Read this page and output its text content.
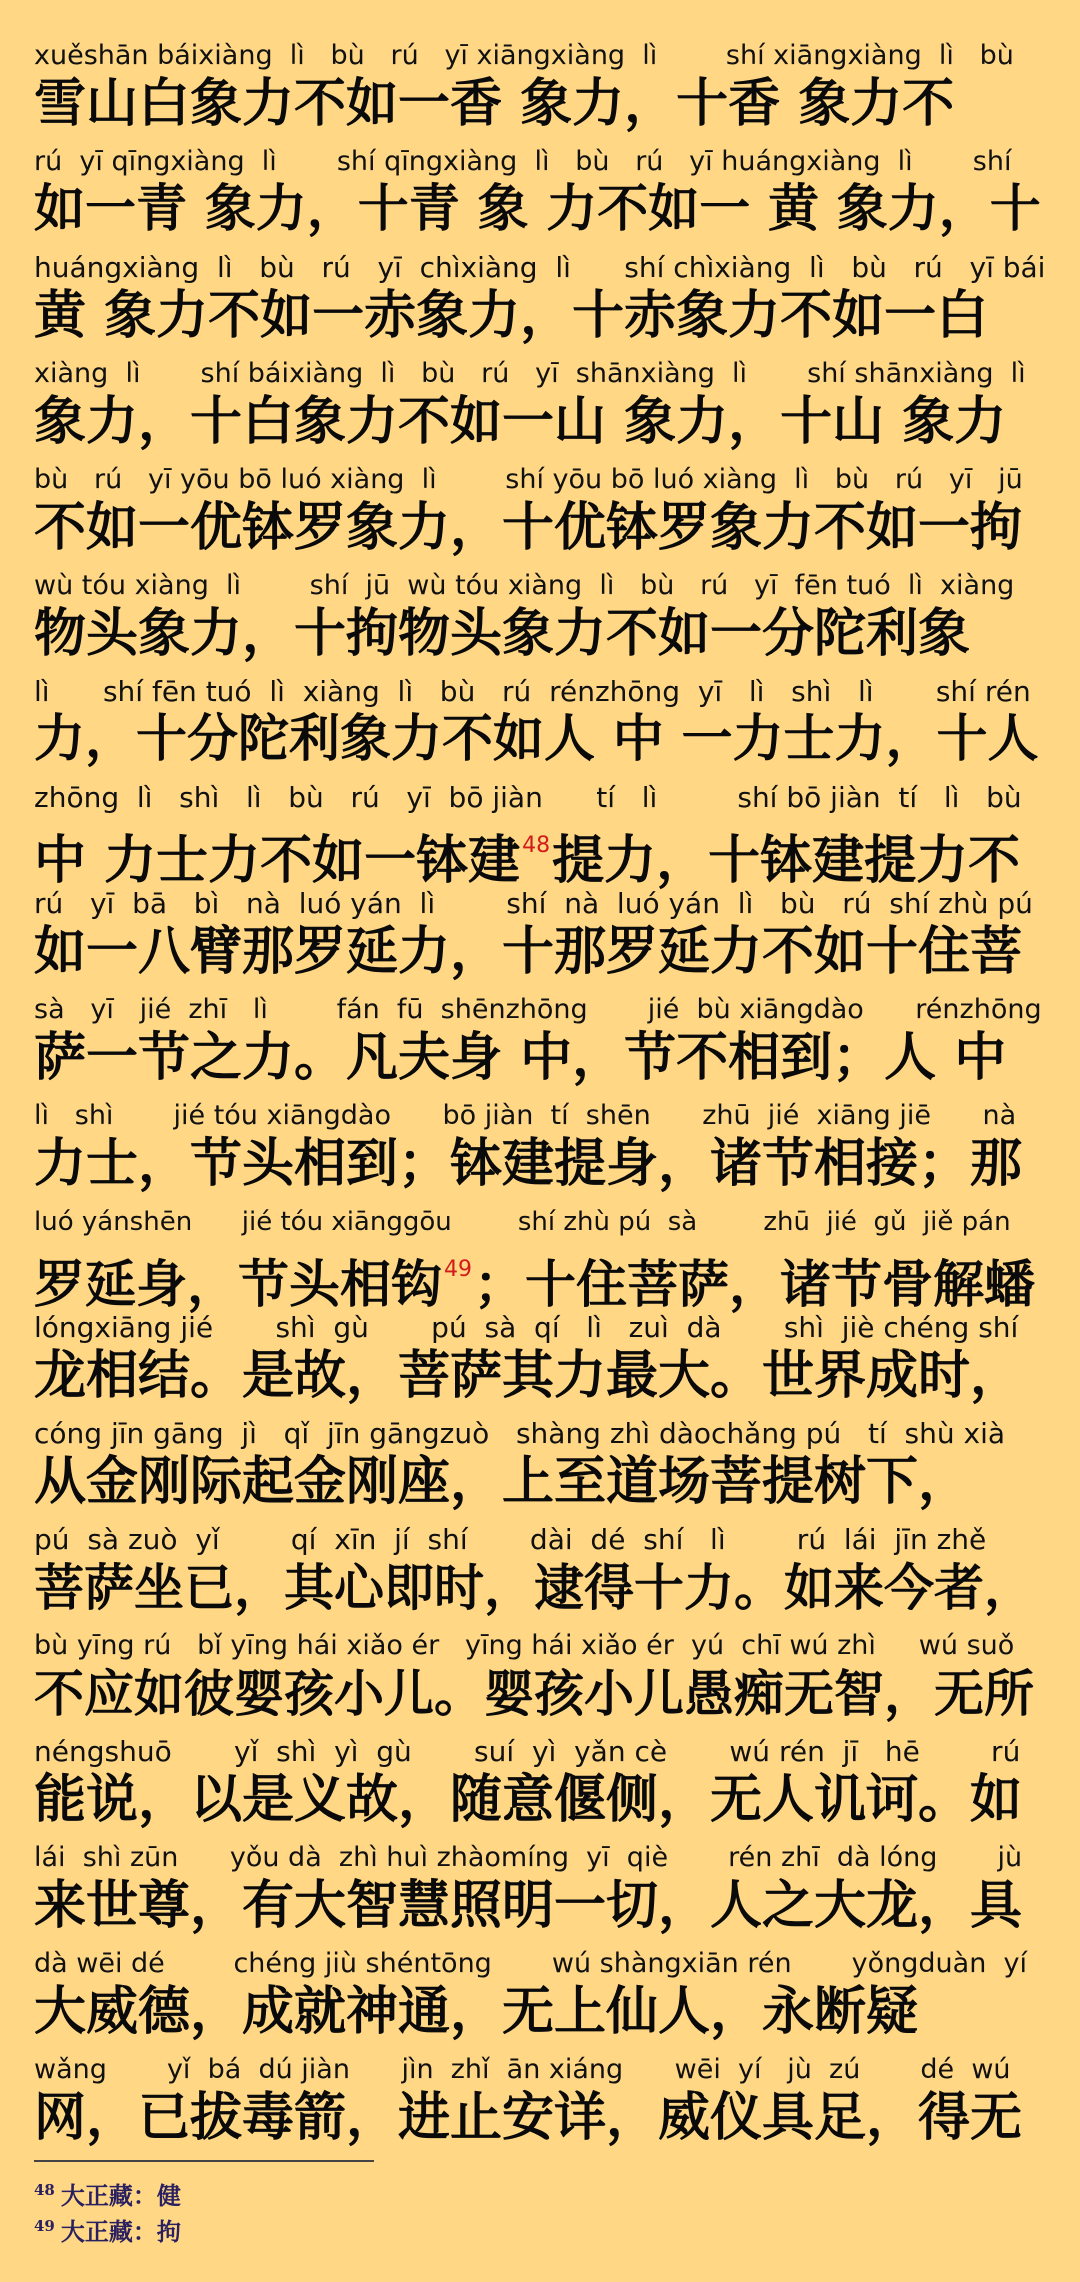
xuěshān báixiàng  lì   bù   rú   yī xiāngxiàng  lì        shí xiāngxiàng  lì   bù
雪山白象力不如一香 象力，十香 象力不
rú  yī qīngxiàng  lì       shí qīngxiàng  lì   bù   rú   yī huángxiàng  lì       shí
如一青 象力，十青 象 力不如一 黄 象力，十
huángxiàng  lì   bù   rú   yī  chìxiàng  lì      shí chìxiàng  lì   bù   rú   yī bái
黄 象力不如一赤象力，十赤象力不如一白
xiàng  lì       shí báixiàng  lì   bù   rú   yī  shānxiàng  lì       shí shānxiàng  lì
象力，十白象力不如一山 象力，十山 象力
bù   rú   yī yōu bō luó xiàng  lì        shí yōu bō luó xiàng  lì   bù   rú   yī   jū
不如一优钵罗象力，十优钵罗象力不如一拘
wù tóu xiàng  lì        shí  jū  wù tóu xiàng  lì   bù   rú   yī  fēn tuó  lì  xiàng
物头象力，十拘物头象力不如一分陀利象
lì      shí fēn tuó  lì  xiàng  lì   bù   rú  rénzhōng  yī   lì   shì   lì       shí rén
力，十分陀利象力不如人 中 一力士力，十人
zhōng  lì   shì   lì   bù   rú   yī  bō jiàn      tí   lì         shí bō jiàn  tí   lì   bù
中 力士力不如一钵建$^{48}$提力，十钵建提力不
rú   yī  bā   bì   nà  luó yán  lì        shí  nà  luó yán  lì   bù   rú  shí zhù pú
如一八臂那罗延力，十那罗延力不如十住菩
sà   yī   jié  zhī   lì        fán  fū  shēnzhōng       jié  bù xiāngdào      rénzhōng
萨一节之力。凡夫身 中，节不相到；人 中
lì   shì       jié tóu xiāngdào      bō jiàn  tí  shēn      zhū  jié  xiāng jiē      nà
力士，节头相到；钵建提身，诸节相接；那
luó yánshēn      jié tóu xiānggōu        shí zhù pú  sà        zhū  jié  gǔ  jiě pán
罗延身，节头相钩$^{49}$；十住菩萨，诸节骨解蟠
lóngxiāng jié       shì  gù       pú  sà  qí   lì   zuì  dà       shì  jiè chéng shí
龙相结。是故，菩萨其力最大。世界成时，
cóng jīn gāng  jì   qǐ  jīn gāngzuò   shàng zhì dàochǎng pú   tí  shù xià
从金刚际起金刚座，上至道场菩提树下，
pú  sà zuò  yǐ        qí  xīn  jí  shí       dài  dé  shí   lì        rú  lái  jīn zhě
菩萨坐已，其心即时，逮得十力。如来今者，
bù yīng rú   bǐ yīng hái xiǎo ér   yīng hái xiǎo ér  yú  chī wú zhì     wú suǒ
不应如彼婴孩小儿。婴孩小儿愚痴无智，无所
néngshuō       yǐ  shì  yì  gù       suí  yì  yǎn cè       wú rén  jī   hē        rú
能说，以是义故，随意偃侧，无人讥诃。如
lái  shì zūn      yǒu dà  zhì huì zhàomíng  yī  qiè       rén zhī  dà lóng       jù
来世尊，有大智慧照明一切，人之大龙，具
dà wēi dé        chéng jiù shéntōng       wú shàngxiān rén       yǒngduàn  yí
大威德，成就神通，无上仙人，永断疑
wǎng       yǐ  bá  dú jiàn      jìn  zhǐ  ān xiáng      wēi  yí   jù  zú       dé  wú
网，已拔毒箭，进止安详，威仪具足，得无
$^{48}$ 大正藏：健
$^{49}$ 大正藏：拘
